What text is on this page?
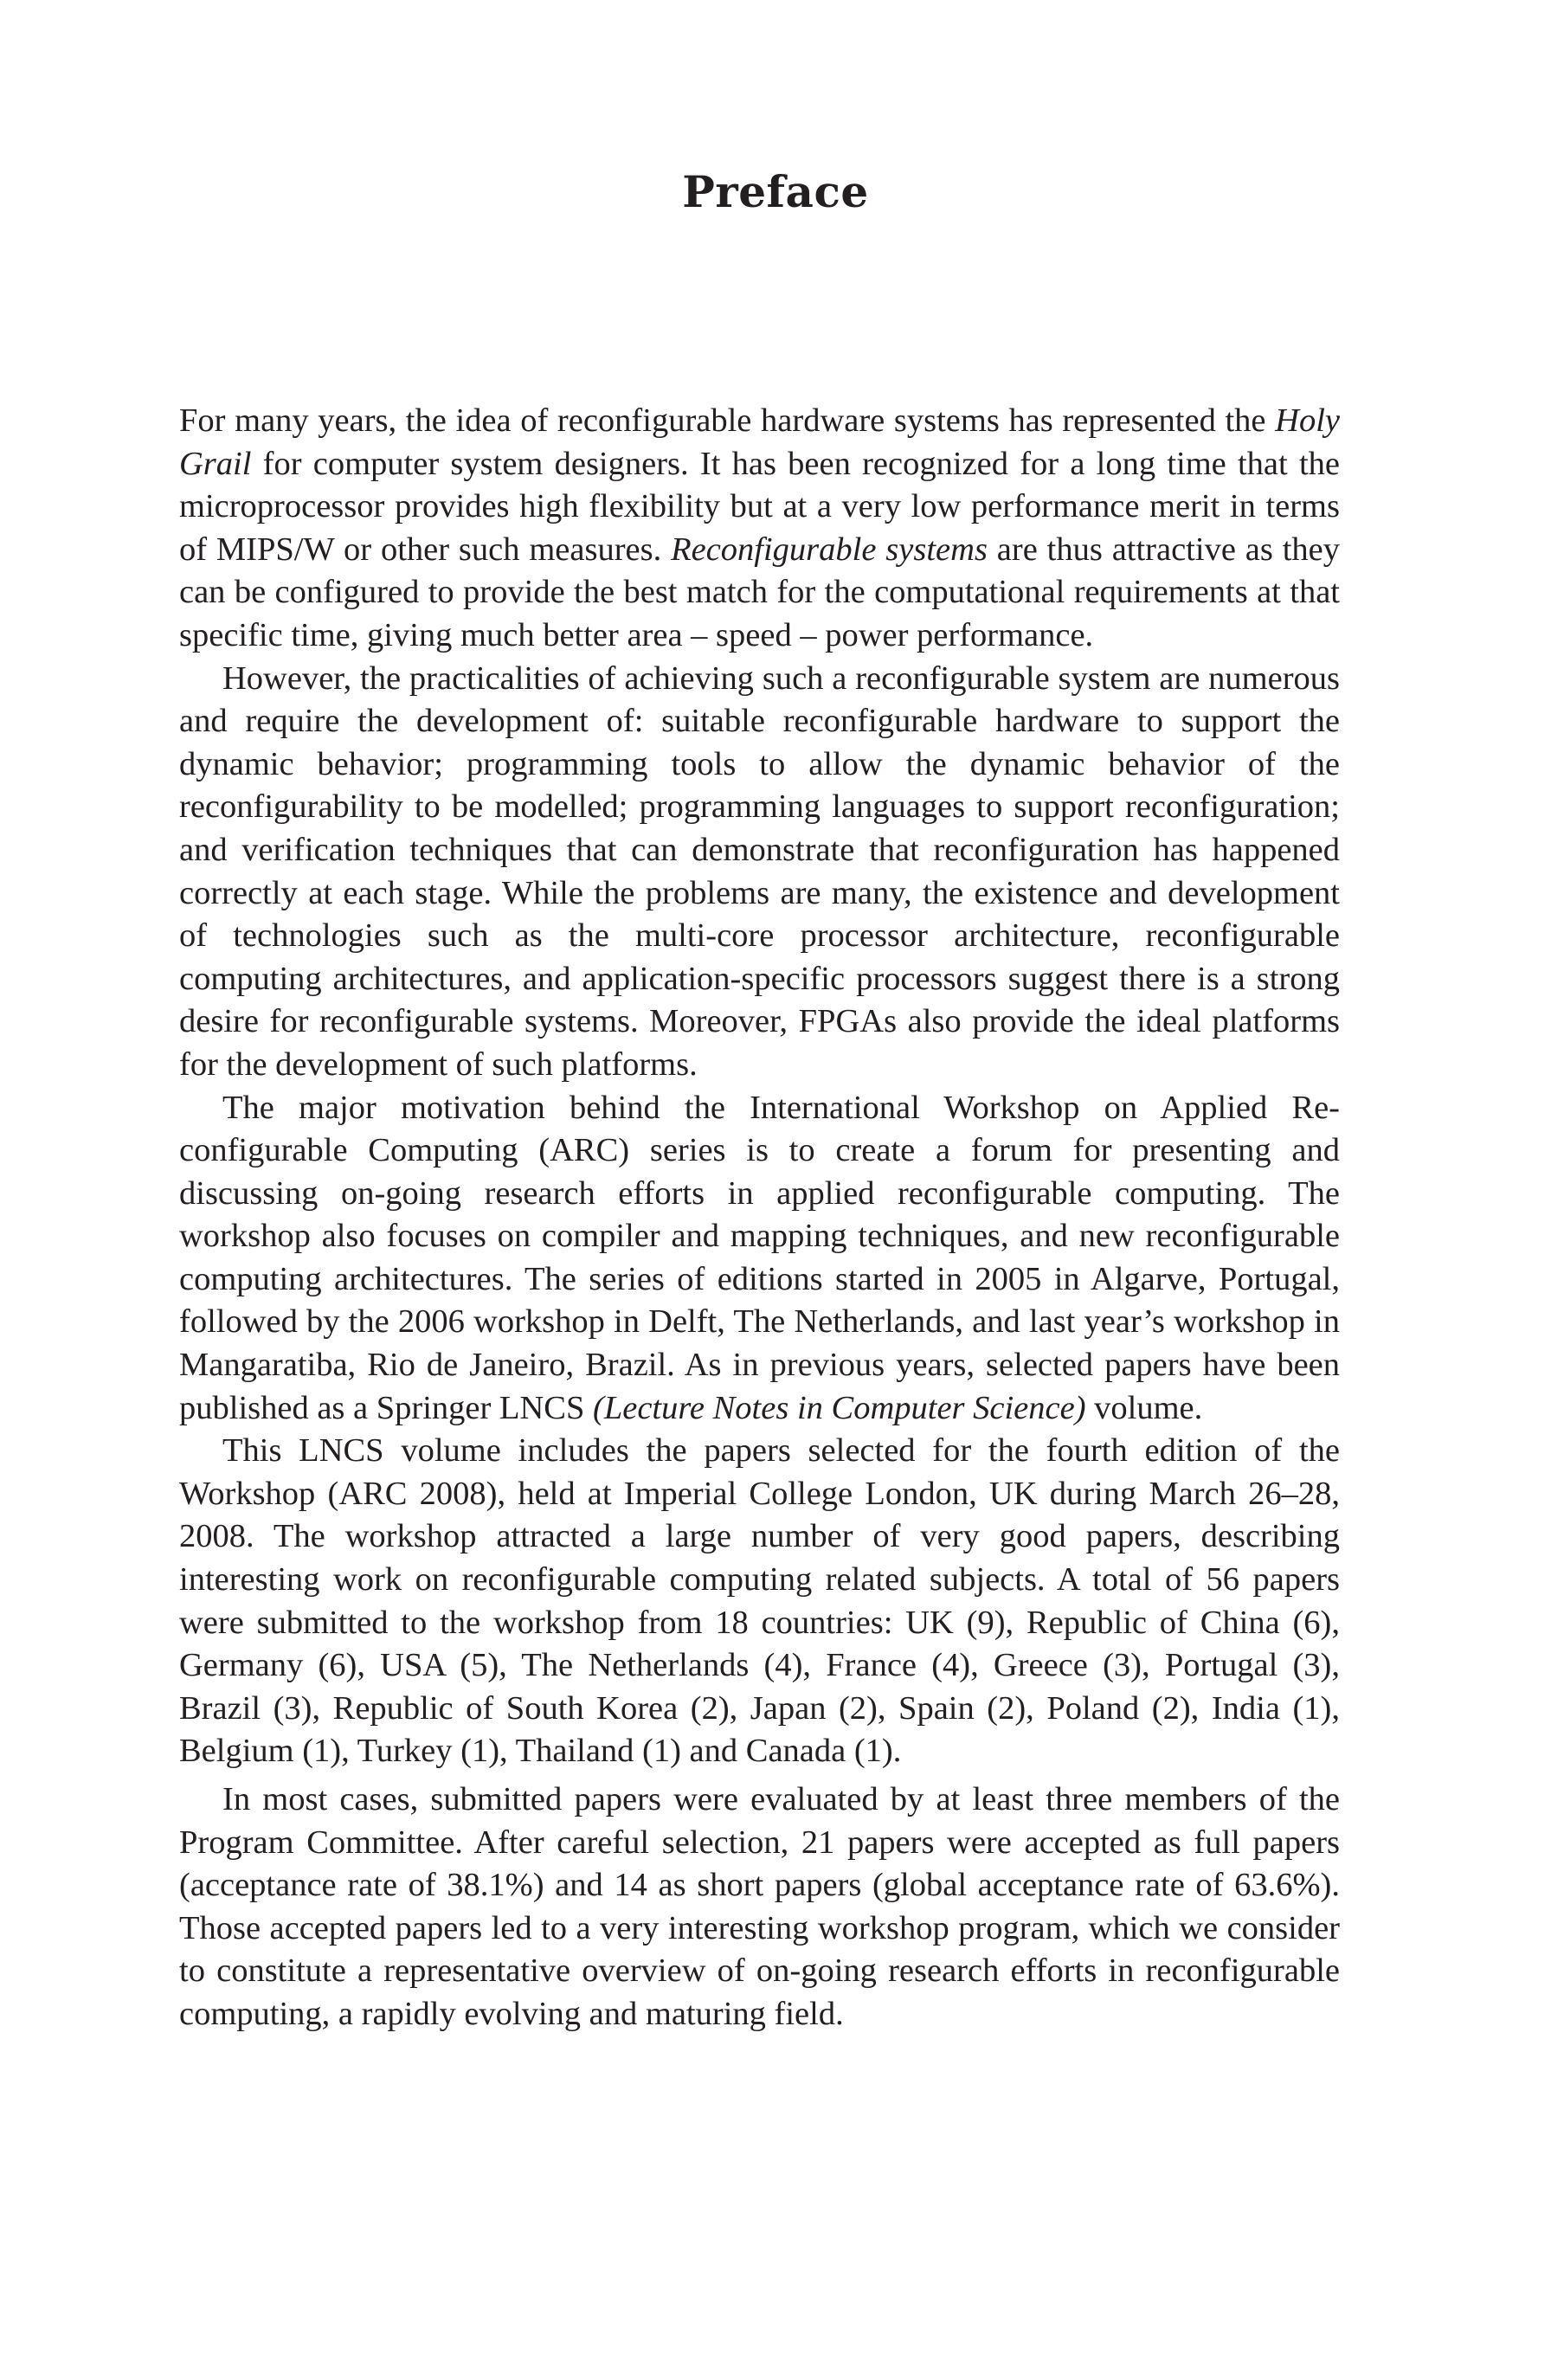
Preface

For many years, the idea of reconfigurable hardware systems has represented the Holy Grail for computer system designers. It has been recognized for a long time that the microprocessor provides high flexibility but at a very low performance merit in terms of MIPS/W or other such measures. Reconfigurable systems are thus attractive as they can be configured to provide the best match for the computational requirements at that specific time, giving much better area – speed – power performance.

However, the practicalities of achieving such a reconfigurable system are numerous and require the development of: suitable reconfigurable hardware to support the dynamic behavior; programming tools to allow the dynamic behavior of the reconfigurability to be modelled; programming languages to support reconfiguration; and verification techniques that can demonstrate that reconfiguration has happened correctly at each stage. While the problems are many, the existence and development of technologies such as the multi-core processor architecture, reconfigurable computing architectures, and application-specific processors suggest there is a strong desire for reconfigurable systems. Moreover, FPGAs also provide the ideal platforms for the development of such platforms.

The major motivation behind the International Workshop on Applied Reconfigurable Computing (ARC) series is to create a forum for presenting and discussing on-going research efforts in applied reconfigurable computing. The workshop also focuses on compiler and mapping techniques, and new reconfigurable computing architectures. The series of editions started in 2005 in Algarve, Portugal, followed by the 2006 workshop in Delft, The Netherlands, and last year’s workshop in Mangaratiba, Rio de Janeiro, Brazil. As in previous years, selected papers have been published as a Springer LNCS (Lecture Notes in Computer Science) volume.

This LNCS volume includes the papers selected for the fourth edition of the Workshop (ARC 2008), held at Imperial College London, UK during March 26–28, 2008. The workshop attracted a large number of very good papers, describing interesting work on reconfigurable computing related subjects. A total of 56 papers were submitted to the workshop from 18 countries: UK (9), Republic of China (6), Germany (6), USA (5), The Netherlands (4), France (4), Greece (3), Portugal (3), Brazil (3), Republic of South Korea (2), Japan (2), Spain (2), Poland (2), India (1), Belgium (1), Turkey (1), Thailand (1) and Canada (1).

In most cases, submitted papers were evaluated by at least three members of the Program Committee. After careful selection, 21 papers were accepted as full papers (acceptance rate of 38.1%) and 14 as short papers (global acceptance rate of 63.6%). Those accepted papers led to a very interesting workshop program, which we consider to constitute a representative overview of on-going research efforts in reconfigurable computing, a rapidly evolving and maturing field.
